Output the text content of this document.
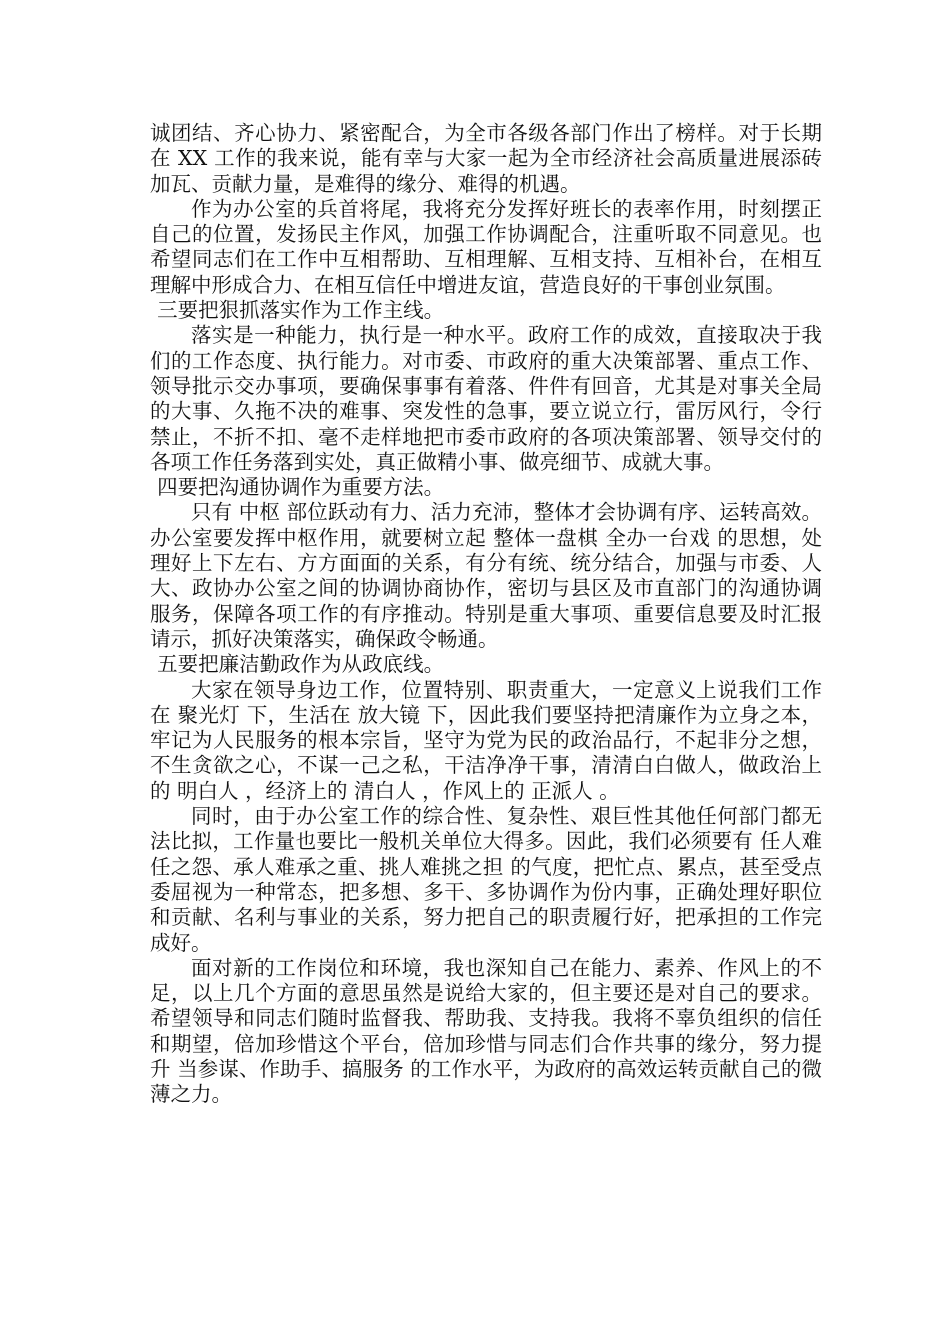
诚团结、齐心协力、紧密配合，为全市各级各部门作出了榜样。对于长期在 XX 工作的我来说，能有幸与大家一起为全市经济社会高质量进展添砖加瓦、贡献力量，是难得的缘分、难得的机遇。

作为办公室的兵首将尾，我将充分发挥好班长的表率作用，时刻摆正自己的位置，发扬民主作风，加强工作协调配合，注重听取不同意见。也希望同志们在工作中互相帮助、互相理解、互相支持、互相补台，在相互理解中形成合力、在相互信任中增进友谊，营造良好的干事创业氛围。

三要把狠抓落实作为工作主线。

落实是一种能力，执行是一种水平。政府工作的成效，直接取决于我们的工作态度、执行能力。对市委、市政府的重大决策部署、重点工作、领导批示交办事项，要确保事事有着落、件件有回音，尤其是对事关全局的大事、久拖不决的难事、突发性的急事，要立说立行，雷厉风行，令行禁止，不折不扣、毫不走样地把市委市政府的各项决策部署、领导交付的各项工作任务落到实处，真正做精小事、做亮细节、成就大事。

四要把沟通协调作为重要方法。

只有 中枢 部位跃动有力、活力充沛，整体才会协调有序、运转高效。办公室要发挥中枢作用，就要树立起 整体一盘棋 全办一台戏 的思想，处理好上下左右、方方面面的关系，有分有统、统分结合，加强与市委、人大、政协办公室之间的协调协商协作，密切与县区及市直部门的沟通协调服务，保障各项工作的有序推动。特别是重大事项、重要信息要及时汇报请示，抓好决策落实，确保政令畅通。

五要把廉洁勤政作为从政底线。

大家在领导身边工作，位置特别、职责重大，一定意义上说我们工作在 聚光灯 下，生活在 放大镜 下，因此我们要坚持把清廉作为立身之本，牢记为人民服务的根本宗旨，坚守为党为民的政治品行，不起非分之想，不生贪欲之心，不谋一己之私，干洁净净干事，清清白白做人，做政治上的 明白人 ，经济上的 清白人 ，作风上的 正派人 。

同时，由于办公室工作的综合性、复杂性、艰巨性其他任何部门都无法比拟，工作量也要比一般机关单位大得多。因此，我们必须要有 任人难任之怨、承人难承之重、挑人难挑之担 的气度，把忙点、累点，甚至受点委屈视为一种常态，把多想、多干、多协调作为份内事，正确处理好职位和贡献、名利与事业的关系，努力把自己的职责履行好，把承担的工作完成好。

面对新的工作岗位和环境，我也深知自己在能力、素养、作风上的不足，以上几个方面的意思虽然是说给大家的，但主要还是对自己的要求。希望领导和同志们随时监督我、帮助我、支持我。我将不辜负组织的信任和期望，倍加珍惜这个平台，倍加珍惜与同志们合作共事的缘分，努力提升 当参谋、作助手、搞服务 的工作水平，为政府的高效运转贡献自己的微薄之力。
